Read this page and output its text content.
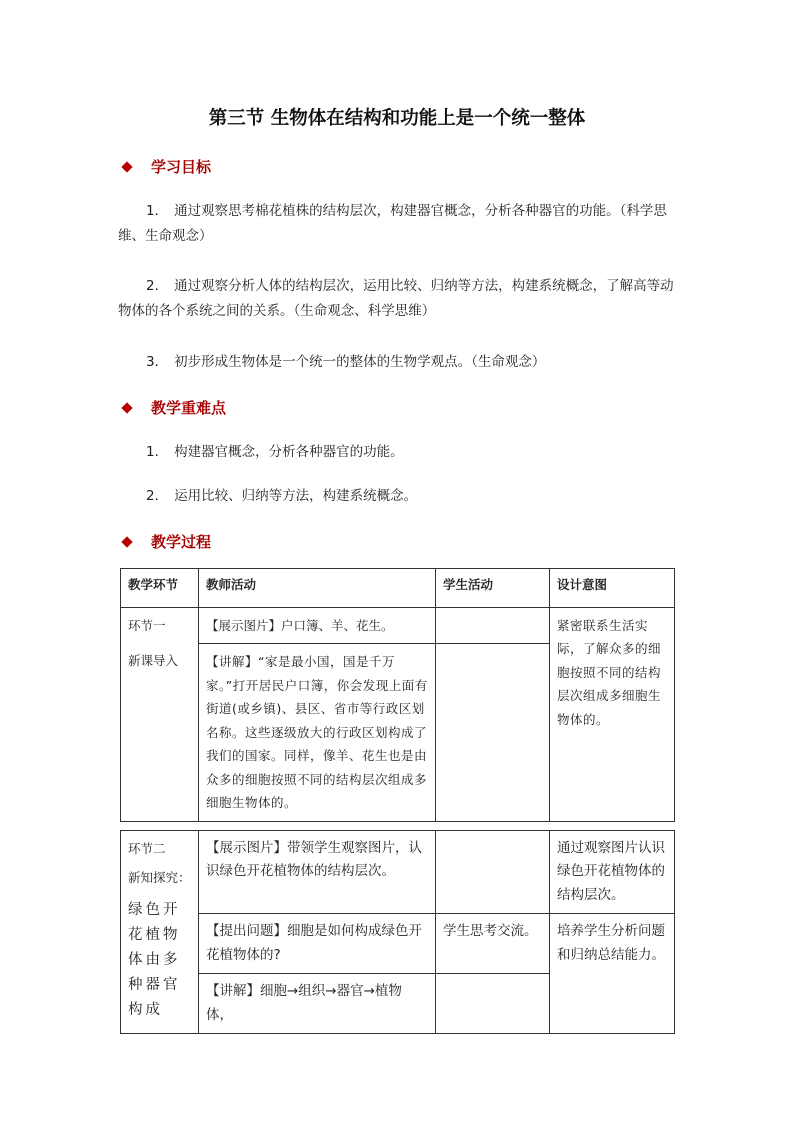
第三节 生物体在结构和功能上是一个统一整体
学习目标
1． 通过观察思考棉花植株的结构层次，构建器官概念，分析各种器官的功能。（科学思维、生命观念）
2． 通过观察分析人体的结构层次，运用比较、归纳等方法，构建系统概念，了解高等动物体的各个系统之间的关系。（生命观念、科学思维）
3． 初步形成生物体是一个统一的整体的生物学观点。（生命观念）
教学重难点
1． 构建器官概念，分析各种器官的功能。
2． 运用比较、归纳等方法，构建系统概念。
教学过程
教学环节	教师活动	学生活动	设计意图

环节一
新课导入	【展示图片】户口簿、羊、花生。		紧密联系生活实际，了解众多的细胞按照不同的结构层次组成多细胞生物体的。
	【讲解】“家是最小国，国是千万家。”打开居民户口簿，你会发现上面有街道(或乡镇)、县区、省市等行政区划名称。这些逐级放大的行政区划构成了我们的国家。同样，像羊、花生也是由众多的细胞按照不同的结构层次组成多细胞生物体的。		

环节二
新知探究：
绿色开花植物体由多种器官构成	【展示图片】带领学生观察图片，认识绿色开花植物体的结构层次。		通过观察图片认识绿色开花植物体的结构层次。
	【提出问题】细胞是如何构成绿色开花植物体的?	学生思考交流。	培养学生分析问题和归纳总结能力。
	【讲解】细胞→组织→器官→植物体，		
